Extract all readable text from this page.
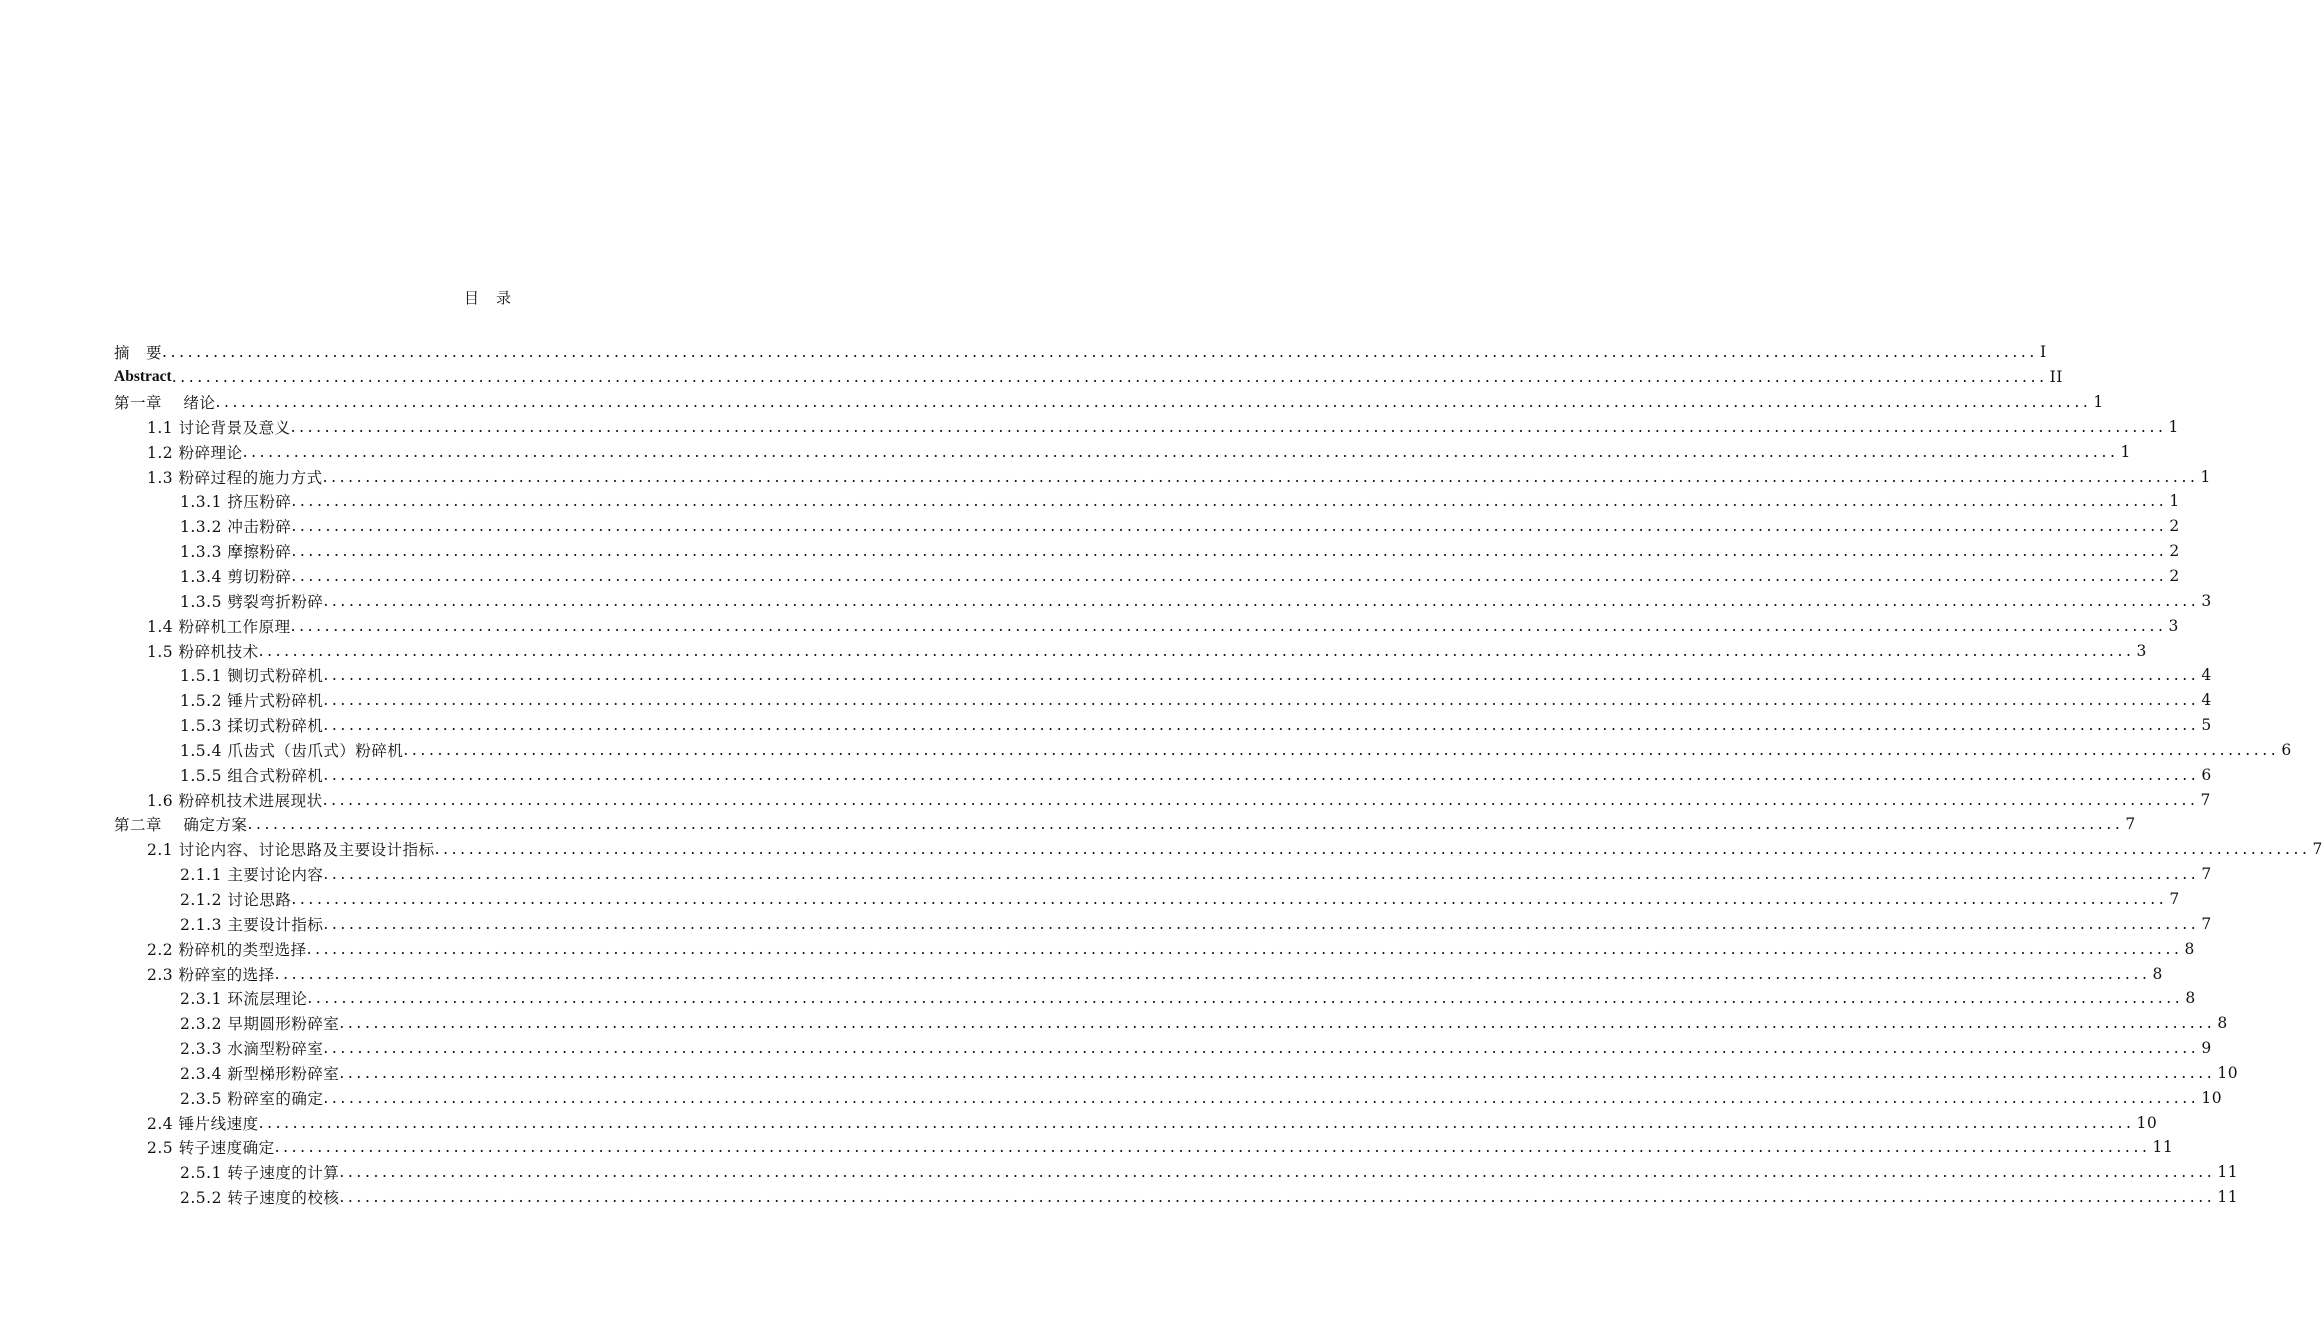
目　录
摘　要 ............................................................................................................................................................................................................................ I
Abstract ............................................................................................................................................................................................................................ II
第一章　 绪论 ............................................................................................................................................................................................................................ 1
1.1 讨论背景及意义 ............................................................................................................................................................................................................................ 1
1.2 粉碎理论 ............................................................................................................................................................................................................................ 1
1.3 粉碎过程的施力方式 ............................................................................................................................................................................................................................ 1
1.3.1 挤压粉碎 ............................................................................................................................................................................................................................ 1
1.3.2 冲击粉碎 ............................................................................................................................................................................................................................ 2
1.3.3 摩擦粉碎 ............................................................................................................................................................................................................................ 2
1.3.4 剪切粉碎 ............................................................................................................................................................................................................................ 2
1.3.5 劈裂弯折粉碎 ............................................................................................................................................................................................................................ 3
1.4 粉碎机工作原理 ............................................................................................................................................................................................................................ 3
1.5 粉碎机技术 ............................................................................................................................................................................................................................ 3
1.5.1 铡切式粉碎机 ............................................................................................................................................................................................................................ 4
1.5.2 锤片式粉碎机 ............................................................................................................................................................................................................................ 4
1.5.3 揉切式粉碎机 ............................................................................................................................................................................................................................ 5
1.5.4 爪齿式（齿爪式）粉碎机 ............................................................................................................................................................................................................................ 6
1.5.5 组合式粉碎机 ............................................................................................................................................................................................................................ 6
1.6 粉碎机技术进展现状 ............................................................................................................................................................................................................................ 7
第二章　 确定方案 ............................................................................................................................................................................................................................ 7
2.1 讨论内容、讨论思路及主要设计指标 ............................................................................................................................................................................................................................ 7
2.1.1 主要讨论内容 ............................................................................................................................................................................................................................ 7
2.1.2 讨论思路 ............................................................................................................................................................................................................................ 7
2.1.3 主要设计指标 ............................................................................................................................................................................................................................ 7
2.2 粉碎机的类型选择 ............................................................................................................................................................................................................................ 8
2.3 粉碎室的选择 ............................................................................................................................................................................................................................ 8
2.3.1 环流层理论 ............................................................................................................................................................................................................................ 8
2.3.2 早期圆形粉碎室 ............................................................................................................................................................................................................................ 8
2.3.3 水滴型粉碎室 ............................................................................................................................................................................................................................ 9
2.3.4 新型梯形粉碎室 ............................................................................................................................................................................................................................ 10
2.3.5 粉碎室的确定 ............................................................................................................................................................................................................................ 10
2.4 锤片线速度 ............................................................................................................................................................................................................................ 10
2.5 转子速度确定 ............................................................................................................................................................................................................................ 11
2.5.1 转子速度的计算 ............................................................................................................................................................................................................................ 11
2.5.2 转子速度的校核 ............................................................................................................................................................................................................................ 11
